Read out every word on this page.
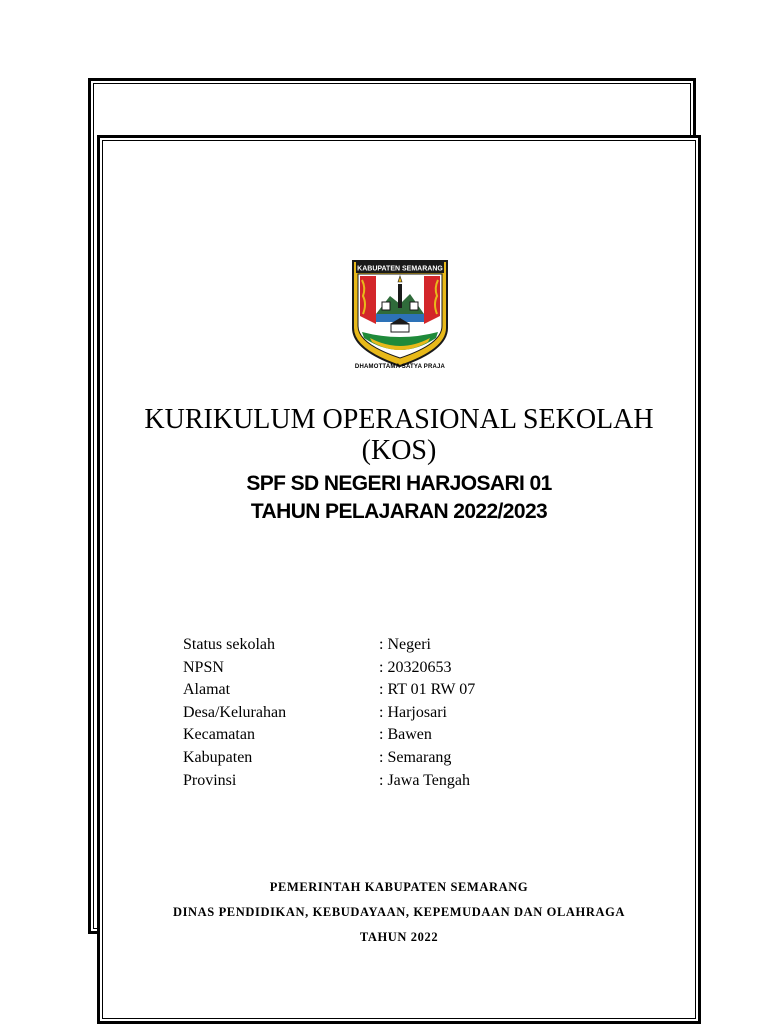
KABUPATEN SEMARANG
DHAMOTTAMA SATYA PRAJA
KURIKULUM OPERASIONAL SEKOLAH
(KOS)
SPF SD NEGERI HARJOSARI 01
TAHUN PELAJARAN 2022/2023
Status sekolah	: Negeri
NPSN	: 20320653
Alamat	: RT 01 RW 07
Desa/Kelurahan	: Harjosari
Kecamatan	: Bawen
Kabupaten	: Semarang
Provinsi	: Jawa Tengah
PEMERINTAH KABUPATEN SEMARANG
DINAS PENDIDIKAN, KEBUDAYAAN, KEPEMUDAAN DAN OLAHRAGA
TAHUN 2022
